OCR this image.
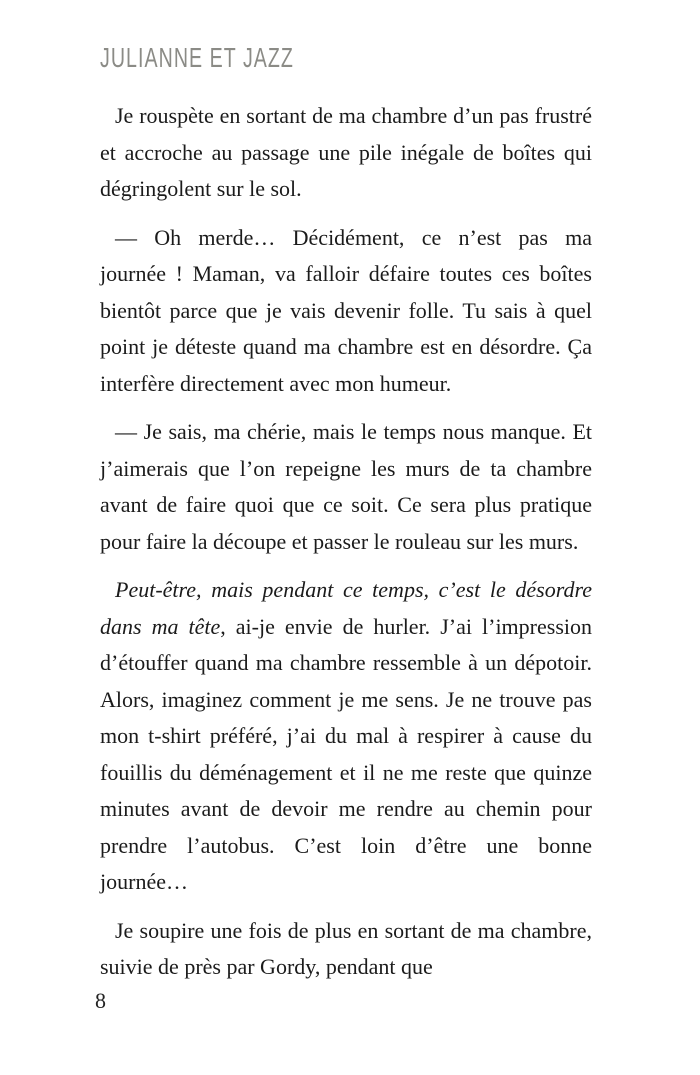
JULIANNE ET JAZZ

Je rouspète en sortant de ma chambre d’un pas frustré et accroche au passage une pile inégale de boîtes qui dégringolent sur le sol.

— Oh merde… Décidément, ce n’est pas ma journée ! Maman, va falloir défaire toutes ces boîtes bientôt parce que je vais devenir folle. Tu sais à quel point je déteste quand ma chambre est en désordre. Ça interfère directement avec mon humeur.

— Je sais, ma chérie, mais le temps nous manque. Et j’aimerais que l’on repeigne les murs de ta chambre avant de faire quoi que ce soit. Ce sera plus pratique pour faire la découpe et passer le rouleau sur les murs.

Peut-être, mais pendant ce temps, c’est le désordre dans ma tête, ai-je envie de hurler. J’ai l’impression d’étouffer quand ma chambre ressemble à un dépotoir. Alors, imaginez comment je me sens. Je ne trouve pas mon t-shirt préféré, j’ai du mal à respirer à cause du fouillis du déménagement et il ne me reste que quinze minutes avant de devoir me rendre au chemin pour prendre l’autobus. C’est loin d’être une bonne journée…

Je soupire une fois de plus en sortant de ma chambre, suivie de près par Gordy, pendant que

8
